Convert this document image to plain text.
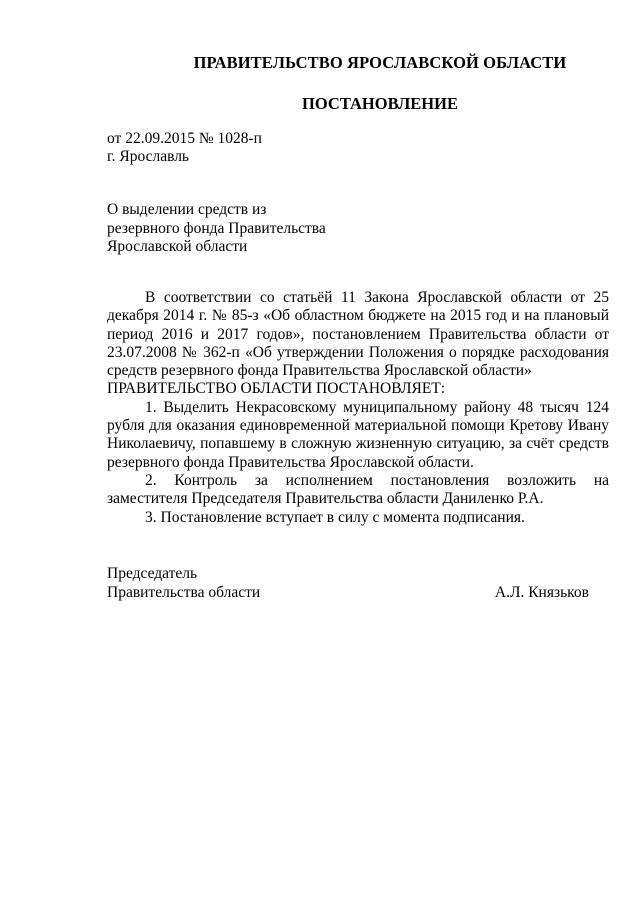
ПРАВИТЕЛЬСТВО ЯРОСЛАВСКОЙ ОБЛАСТИ
ПОСТАНОВЛЕНИЕ
от 22.09.2015 № 1028-п
г. Ярославль
О выделении средств из
резервного фонда Правительства
Ярославской области

В соответствии со статьёй 11 Закона Ярославской области от 25 декабря 2014 г. № 85-з «Об областном бюджете на 2015 год и на плановый период 2016 и 2017 годов», постановлением Правительства области от 23.07.2008 № 362-п «Об утверждении Положения о порядке расходования средств резервного фонда Правительства Ярославской области»

ПРАВИТЕЛЬСТВО ОБЛАСТИ ПОСТАНОВЛЯЕТ:

1. Выделить Некрасовскому муниципальному району 48 тысяч 124 рубля для оказания единовременной материальной помощи Кретову Ивану Николаевичу, попавшему в сложную жизненную ситуацию, за счёт средств резервного фонда Правительства Ярославской области.

2. Контроль за исполнением постановления возложить на заместителя Председателя Правительства области Даниленко Р.А.

3. Постановление вступает в силу с момента подписания.

Председатель
Правительства области	А.Л. Князьков
